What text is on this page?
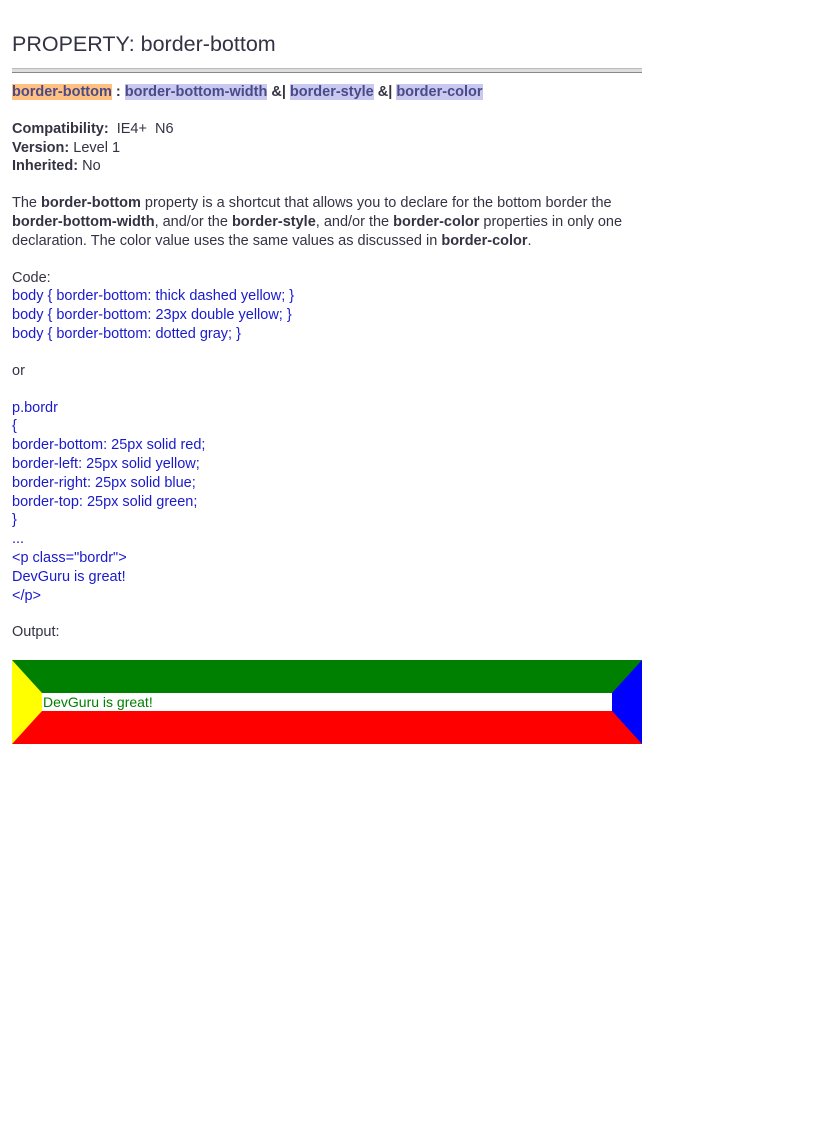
PROPERTY: border-bottom
border-bottom : border-bottom-width &| border-style &| border-color
Compatibility: IE4+  N6
Version: Level 1
Inherited: No
The border-bottom property is a shortcut that allows you to declare for the bottom border the border-bottom-width, and/or the border-style, and/or the border-color properties in only one declaration. The color value uses the same values as discussed in border-color.
Code:
body { border-bottom: thick dashed yellow; }
body { border-bottom: 23px double yellow; }
body { border-bottom: dotted gray; }
or
p.bordr
{
border-bottom: 25px solid red;
border-left: 25px solid yellow;
border-right: 25px solid blue;
border-top: 25px solid green;
}
...
<p class="bordr">
DevGuru is great!
</p>
Output:
DevGuru is great!
